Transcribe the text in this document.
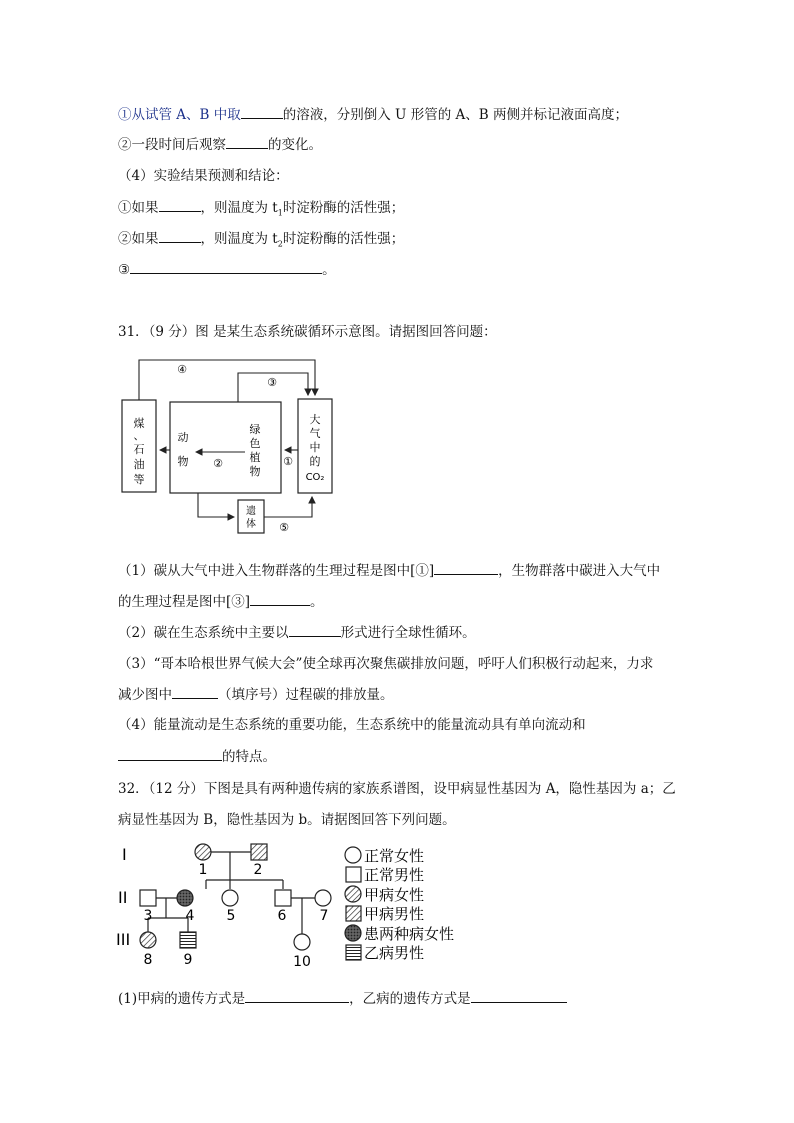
①从试管 A、B 中取	的溶液，分别倒入 U 形管的 A、B 两侧并标记液面高度；
②一段时间后观察	的变化。
（4）实验结果预测和结论：
①如果	，则温度为 $t_1$时淀粉酶的活性强；
②如果	，则温度为 $t_2$时淀粉酶的活性强；
③	。
31．（9 分）图 是某生态系统碳循环示意图。请据图回答问题：
煤
、
石
油
等
动
物
绿
色
植
物
大
气
中
的
CO₂
遗
体
④
③
①
②
⑤
（1）碳从大气中进入生物群落的生理过程是图中[①]	，生物群落中碳进入大气中
的生理过程是图中[③]	。
（2）碳在生态系统中主要以	形式进行全球性循环。
（3）“哥本哈根世界气候大会”使全球再次聚焦碳排放问题，呼吁人们积极行动起来，力求
减少图中	（填序号）过程碳的排放量。
（4）能量流动是生态系统的重要功能，生态系统中的能量流动具有单向流动和
的特点。
32．（12 分）下图是具有两种遗传病的家族系谱图，设甲病显性基因为 A，隐性基因为 a；乙
病显性基因为 B，隐性基因为 b。请据图回答下列问题。
I
II
III
1	2
3 4 5	6 7
8 9	10
正常女性
正常男性
甲病女性
甲病男性
患两种病女性
乙病男性
(1)甲病的遗传方式是	，乙病的遗传方式是
